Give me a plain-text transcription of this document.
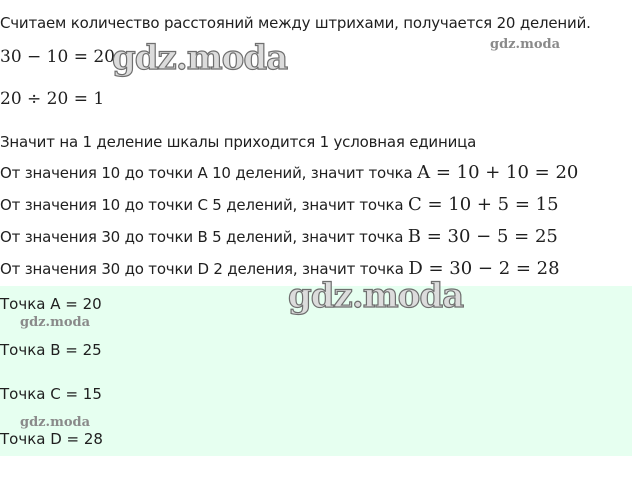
Считаем количество расстояний между штрихами, получается 20 делений.
30 − 10 = 20
20 ÷ 20 = 1
Значит на 1 деление шкалы приходится 1 условная единица
От значения 10 до точки A 10 делений, значит точка A = 10 + 10 = 20
От значения 10 до точки C 5 делений, значит точка C = 10 + 5 = 15
От значения 30 до точки B 5 делений, значит точка B = 30 − 5 = 25
От значения 30 до точки D 2 деления, значит точка D = 30 − 2 = 28
Точка A = 20
Точка B = 25
Точка C = 15
Точка D = 28
gdz.moda	gdz.moda
gdz.moda
gdz.moda
gdz.moda
